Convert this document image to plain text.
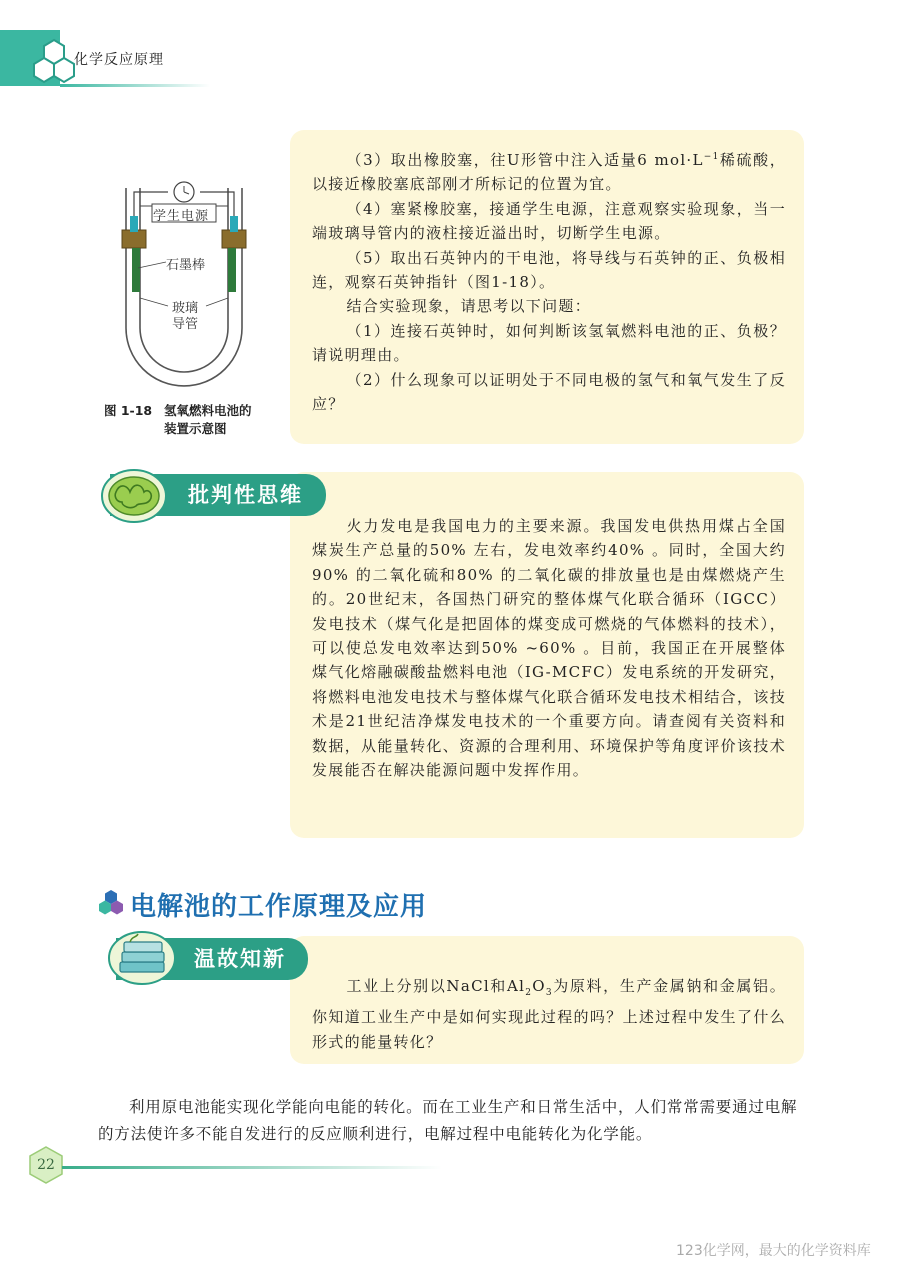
化学反应原理
学生电源
石墨棒
玻璃
导管
图 1-18 氢氧燃料电池的
装置示意图

（3）取出橡胶塞，往U形管中注入适量6 $mol\cdot L^{-1}$稀硫酸，以接近橡胶塞底部刚才所标记的位置为宜。

（4）塞紧橡胶塞，接通学生电源，注意观察实验现象，当一端玻璃导管内的液柱接近溢出时，切断学生电源。

（5）取出石英钟内的干电池，将导线与石英钟的正、负极相连，观察石英钟指针（图1-18）。

结合实验现象，请思考以下问题：

（1）连接石英钟时，如何判断该氢氧燃料电池的正、负极？请说明理由。

（2）什么现象可以证明处于不同电极的氢气和氧气发生了反应？

批判性思维

火力发电是我国电力的主要来源。我国发电供热用煤占全国煤炭生产总量的50% 左右，发电效率约40% 。同时，全国大约90% 的二氧化硫和80% 的二氧化碳的排放量也是由煤燃烧产生的。20世纪末，各国热门研究的整体煤气化联合循环（IGCC）发电技术（煤气化是把固体的煤变成可燃烧的气体燃料的技术），可以使总发电效率达到50% ~60% 。目前，我国正在开展整体煤气化熔融碳酸盐燃料电池（IG-MCFC）发电系统的开发研究，将燃料电池发电技术与整体煤气化联合循环发电技术相结合，该技术是21世纪洁净煤发电技术的一个重要方向。请查阅有关资料和数据，从能量转化、资源的合理利用、环境保护等角度评价该技术发展能否在解决能源问题中发挥作用。

电解池的工作原理及应用
温故知新

工业上分别以NaCl和$Al_2O_3$为原料，生产金属钠和金属铝。你知道工业生产中是如何实现此过程的吗？上述过程中发生了什么形式的能量转化？

利用原电池能实现化学能向电能的转化。而在工业生产和日常生活中，人们常常需要通过电解的方法使许多不能自发进行的反应顺利进行，电解过程中电能转化为化学能。

22
123化学网，最大的化学资料库
